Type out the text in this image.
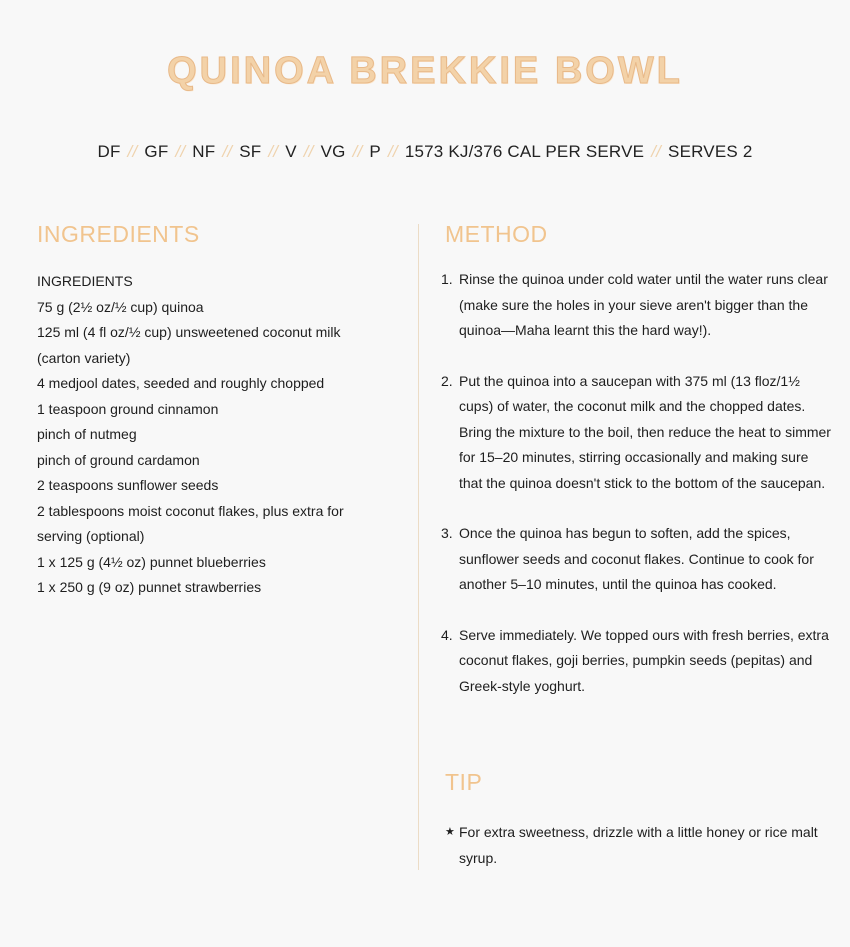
QUINOA BREKKIE BOWL
DF // GF // NF // SF // V // VG // P // 1573 KJ/376 CAL PER SERVE // SERVES 2
INGREDIENTS
INGREDIENTS
75 g (2½ oz/½ cup) quinoa
125 ml (4 fl oz/½ cup) unsweetened coconut milk
(carton variety)
4 medjool dates, seeded and roughly chopped
1 teaspoon ground cinnamon
pinch of nutmeg
pinch of ground cardamon
2 teaspoons sunflower seeds
2 tablespoons moist coconut flakes, plus extra for
serving (optional)
1 x 125 g (4½ oz) punnet blueberries
1 x 250 g (9 oz) punnet strawberries
METHOD
1. Rinse the quinoa under cold water until the water runs clear (make sure the holes in your sieve aren't bigger than the quinoa—Maha learnt this the hard way!).
2. Put the quinoa into a saucepan with 375 ml (13 floz/1½ cups) of water, the coconut milk and the chopped dates. Bring the mixture to the boil, then reduce the heat to simmer for 15–20 minutes, stirring occasionally and making sure that the quinoa doesn't stick to the bottom of the saucepan.
3. Once the quinoa has begun to soften, add the spices, sunflower seeds and coconut flakes. Continue to cook for another 5–10 minutes, until the quinoa has cooked.
4. Serve immediately. We topped ours with fresh berries, extra coconut flakes, goji berries, pumpkin seeds (pepitas) and Greek-style yoghurt.
TIP
★ For extra sweetness, drizzle with a little honey or rice malt syrup.
